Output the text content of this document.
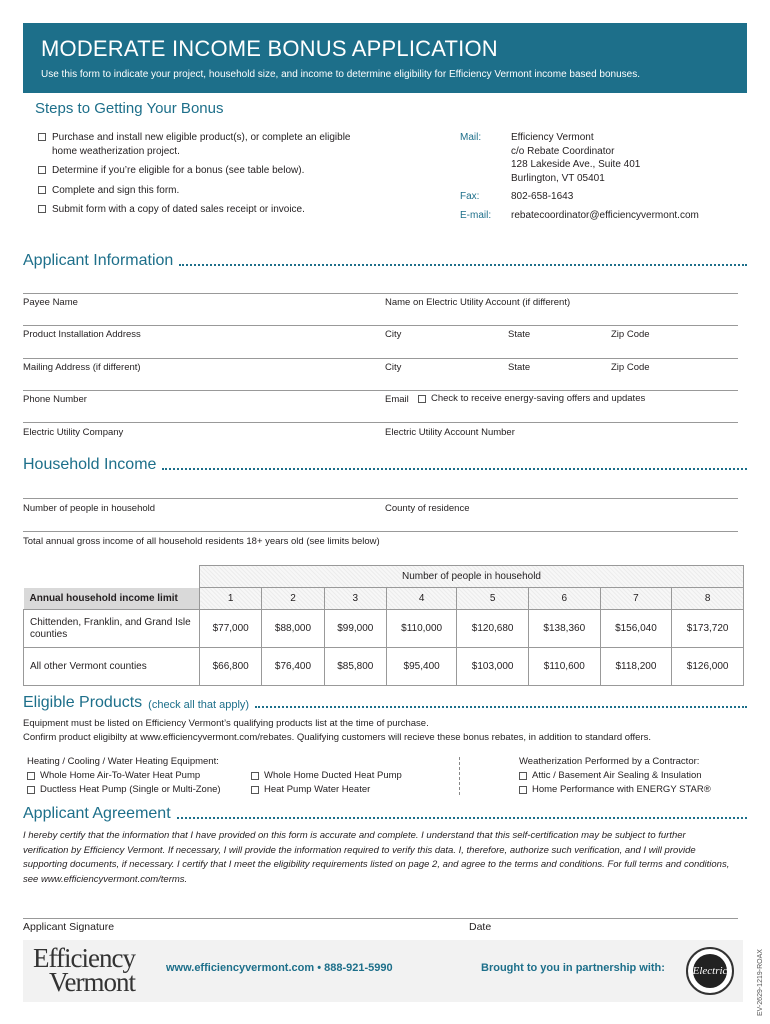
MODERATE INCOME BONUS APPLICATION

Use this form to indicate your project, household size, and income to determine eligibility for Efficiency Vermont income based bonuses.

Steps to Getting Your Bonus
Purchase and install new eligible product(s), or complete an eligible home weatherization project.
Determine if you’re eligible for a bonus (see table below).
Complete and sign this form.
Submit form with a copy of dated sales receipt or invoice.
Mail:	Efficiency Vermont
c/o Rebate Coordinator
128 Lakeside Ave., Suite 401
Burlington, VT 05401
Fax:	802-658-1643
E-mail:	rebatecoordinator@efficiencyvermont.com
Applicant Information
Payee Name	Name on Electric Utility Account (if different)
Product Installation Address	City	State	Zip Code
Mailing Address (if different)	City	State	Zip Code
Phone Number	Email Check to receive energy-saving offers and updates
Electric Utility Company	Electric Utility Account Number
Household Income
Number of people in household	County of residence
Total annual gross income of all household residents 18+ years old (see limits below)
	Number of people in household							
Annual household income limit	1	2	3	4	5	6	7	8
Chittenden, Franklin, and Grand Isle counties	$77,000	$88,000	$99,000	$110,000	$120,680	$138,360	$156,040	$173,720
All other Vermont counties	$66,800	$76,400	$85,800	$95,400	$103,000	$110,600	$118,200	$126,000
Eligible Products (check all that apply)
Equipment must be listed on Efficiency Vermont’s qualifying products list at the time of purchase.
Confirm product eligibilty at www.efficiencyvermont.com/rebates. Qualifying customers will recieve these bonus rebates, in addition to standard offers.
Heating / Cooling / Water Heating Equipment:
Whole Home Air-To-Water Heat Pump
Ductless Heat Pump (Single or Multi-Zone)
Whole Home Ducted Heat Pump
Heat Pump Water Heater
Weatherization Performed by a Contractor:
Attic / Basement Air Sealing & Insulation
Home Performance with ENERGY STAR®
Applicant Agreement
I hereby certify that the information that I have provided on this form is accurate and complete. I understand that this self-certification may be subject to further verification by Efficiency Vermont. If necessary, I will provide the information required to verify this data. I, therefore, authorize such verification, and I will provide supporting documents, if necessary. I certify that I meet the eligibility requirements listed on page 2, and agree to the terms and conditions. For full terms and conditions, see www.efficiencyvermont.com/terms.
Applicant Signature	Date
Efficiency
Vermont	www.efficiencyvermont.com • 888-921-5990	Brought to you in partnership with:	Electric	EV-2629-1219-ROAX
